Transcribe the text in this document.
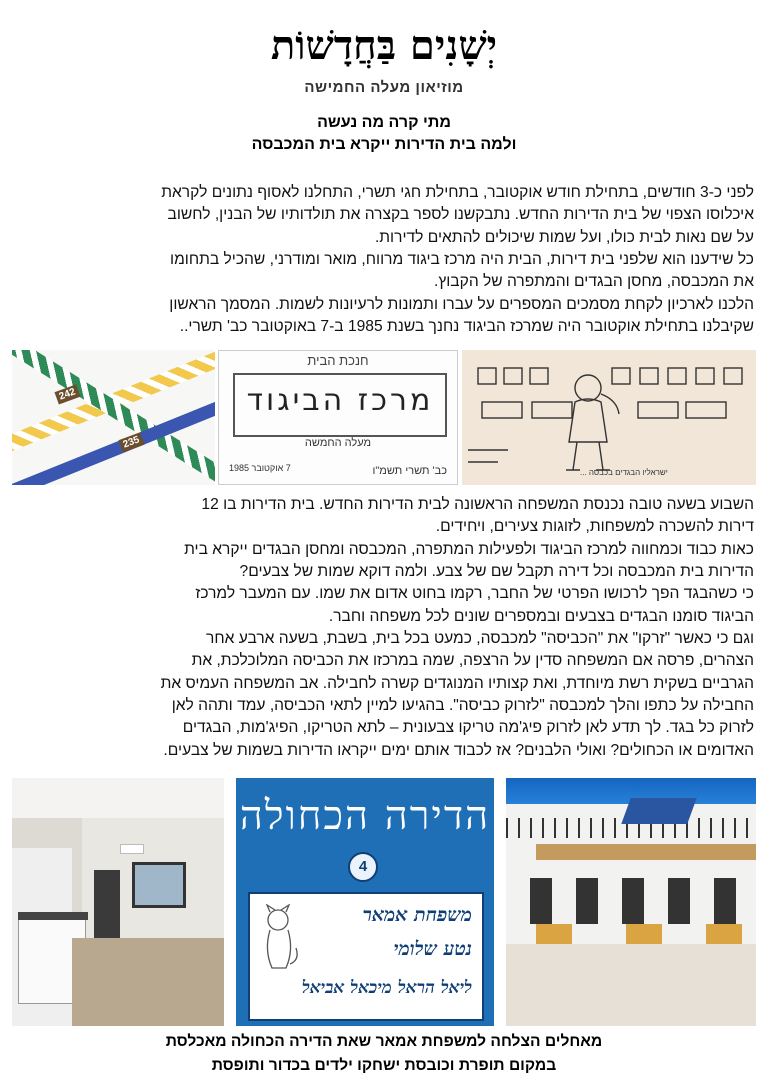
יְשָׁנִים בַּחֲדָשׁוֹת
מוזיאון מעלה החמישה
מתי קרה מה נעשה
ולמה בית הדירות ייקרא בית המכבסה

לפני כ-3 חודשים, בתחילת חודש אוקטובר, בתחילת חגי תשרי, התחלנו לאסוף נתונים לקראת

איכלוסו הצפוי של בית הדירות החדש. נתבקשנו לספר בקצרה את תולדותיו של הבנין, לחשוב

על שם נאות לבית כולו, ועל שמות שיכולים להתאים לדירות.

כל שידענו הוא שלפני בית דירות, הבית היה מרכז ביגוד מרווח, מואר ומודרני, שהכיל בתחומו

את המכבסה, מחסן הבגדים והמתפרה של הקבוץ.

הלכנו לארכיון לקחת מסמכים המספרים על עברו ותמונות לרעיונות לשמות. המסמך הראשון

שקיבלנו בתחילת אוקטובר היה שמרכז הביגוד נחנך בשנת 1985 ב-7 באוקטובר כב' תשרי..

242
235
חנכת הבית
מרכז הביגוד
מעלה החמשה
7 אוקטובר 1985	כב' תשרי תשמ"ו	ישראליו הבגדים בכבסה ...

השבוע בשעה טובה נכנסת המשפחה הראשונה לבית הדירות החדש. בית הדירות בו 12

דירות להשכרה למשפחות, לזוגות צעירים, ויחידים.

כאות כבוד וכמחווה למרכז הביגוד ולפעילות המתפרה, המכבסה ומחסן הבגדים ייקרא בית

הדירות בית המכבסה וכל דירה תקבל שם של צבע. ולמה דוקא שמות של צבעים?

כי כשהבגד הפך לרכושו הפרטי של החבר, רקמו בחוט אדום את שמו. עם המעבר למרכז

הביגוד סומנו הבגדים בצבעים ובמספרים שונים לכל משפחה וחבר.

וגם כי כאשר "זרקו" את "הכביסה" למכבסה, כמעט בכל בית, בשבת, בשעה ארבע אחר

הצהרים, פרסה אם המשפחה סדין על הרצפה, שמה במרכזו את הכביסה המלוכלכת, את

הגרביים בשקית רשת מיוחדת, ואת קצותיו המנוגדים קשרה לחבילה. אב המשפחה העמיס את

החבילה על כתפו והלך למכבסה "לזרוק כביסה". בהגיעו למיין לתאי הכביסה, עמד ותהה לאן

לזרוק כל בגד. לך תדע לאן לזרוק פיג'מה טריקו צבעונית – לתא הטריקו, הפיג'מות, הבגדים

האדומים או הכחולים? ואולי הלבנים? אז לכבוד אותם ימים ייקראו הדירות בשמות של צבעים.

הדירה הכחולה
4
משפחת אמאר
נטע שלומי
ליאל הראל מיכאל אביאל
מאחלים הצלחה למשפחת אמאר שאת הדירה הכחולה מאכלסת
במקום תופרת וכובסת ישחקו ילדים בכדור ותופסת
